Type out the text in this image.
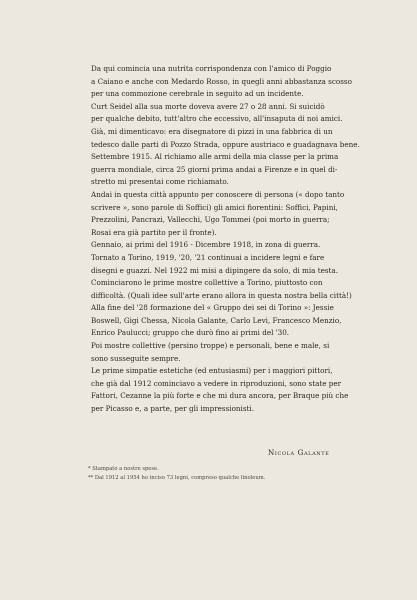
Da qui comincia una nutrita corrispondenza con l'amico di Poggio
a Caiano e anche con Medardo Rosso, in quegli anni abbastanza scosso
per una commozione cerebrale in seguito ad un incidente.

Curt Seidel alla sua morte doveva avere 27 o 28 anni. Si suicidò
per qualche debito, tutt'altro che eccessivo, all'insaputa di noi amici.
Già, mi dimenticavo: era disegnatore di pizzi in una fabbrica di un
tedesco dalle parti di Pozzo Strada, oppure austriaco e guadagnava bene.

Settembre 1915. Al richiamo alle armi della mia classe per la prima
guerra mondiale, circa 25 giorni prima andai a Firenze e in quel di-
stretto mi presentai come richiamato.

Andai in questa città appunto per conoscere di persona (« dopo tanto
scrivere », sono parole di Soffici) gli amici fiorentini: Soffici, Papini,
Prezzolini, Pancrazi, Vallecchi, Ugo Tommei (poi morto in guerra;
Rosai era già partito per il fronte).

Gennaio, ai primi del 1916 - Dicembre 1918, in zona di guerra.

Tornato a Torino, 1919, '20, '21 continuai a incidere legni e fare
disegni e guazzi. Nel 1922 mi misi a dipingere da solo, di mia testa.

Cominciarono le prime mostre collettive a Torino, piuttosto con
difficoltà. (Quali idee sull'arte erano allora in questa nostra bella città!)

Alla fine del '28 formazione del « Gruppo dei sei di Torino »: Jessie
Boswell, Gigi Chessa, Nicola Galante, Carlo Levi, Francesco Menzio,
Enrico Paulucci; gruppo che durò fino ai primi del '30.

Poi mostre collettive (persino troppe) e personali, bene e male, si
sono susseguite sempre.

Le prime simpatie estetiche (ed entusiasmi) per i maggiori pittori,
che già dal 1912 cominciavo a vedere in riproduzioni, sono state per
Fattori, Cezanne la più forte e che mi dura ancora, per Braque più che
per Picasso e, a parte, per gli impressionisti.

Nicola Galante
* Stampato a nostre spese.
** Dal 1912 al 1954 ho inciso 73 legni, compreso qualche linoleum.
